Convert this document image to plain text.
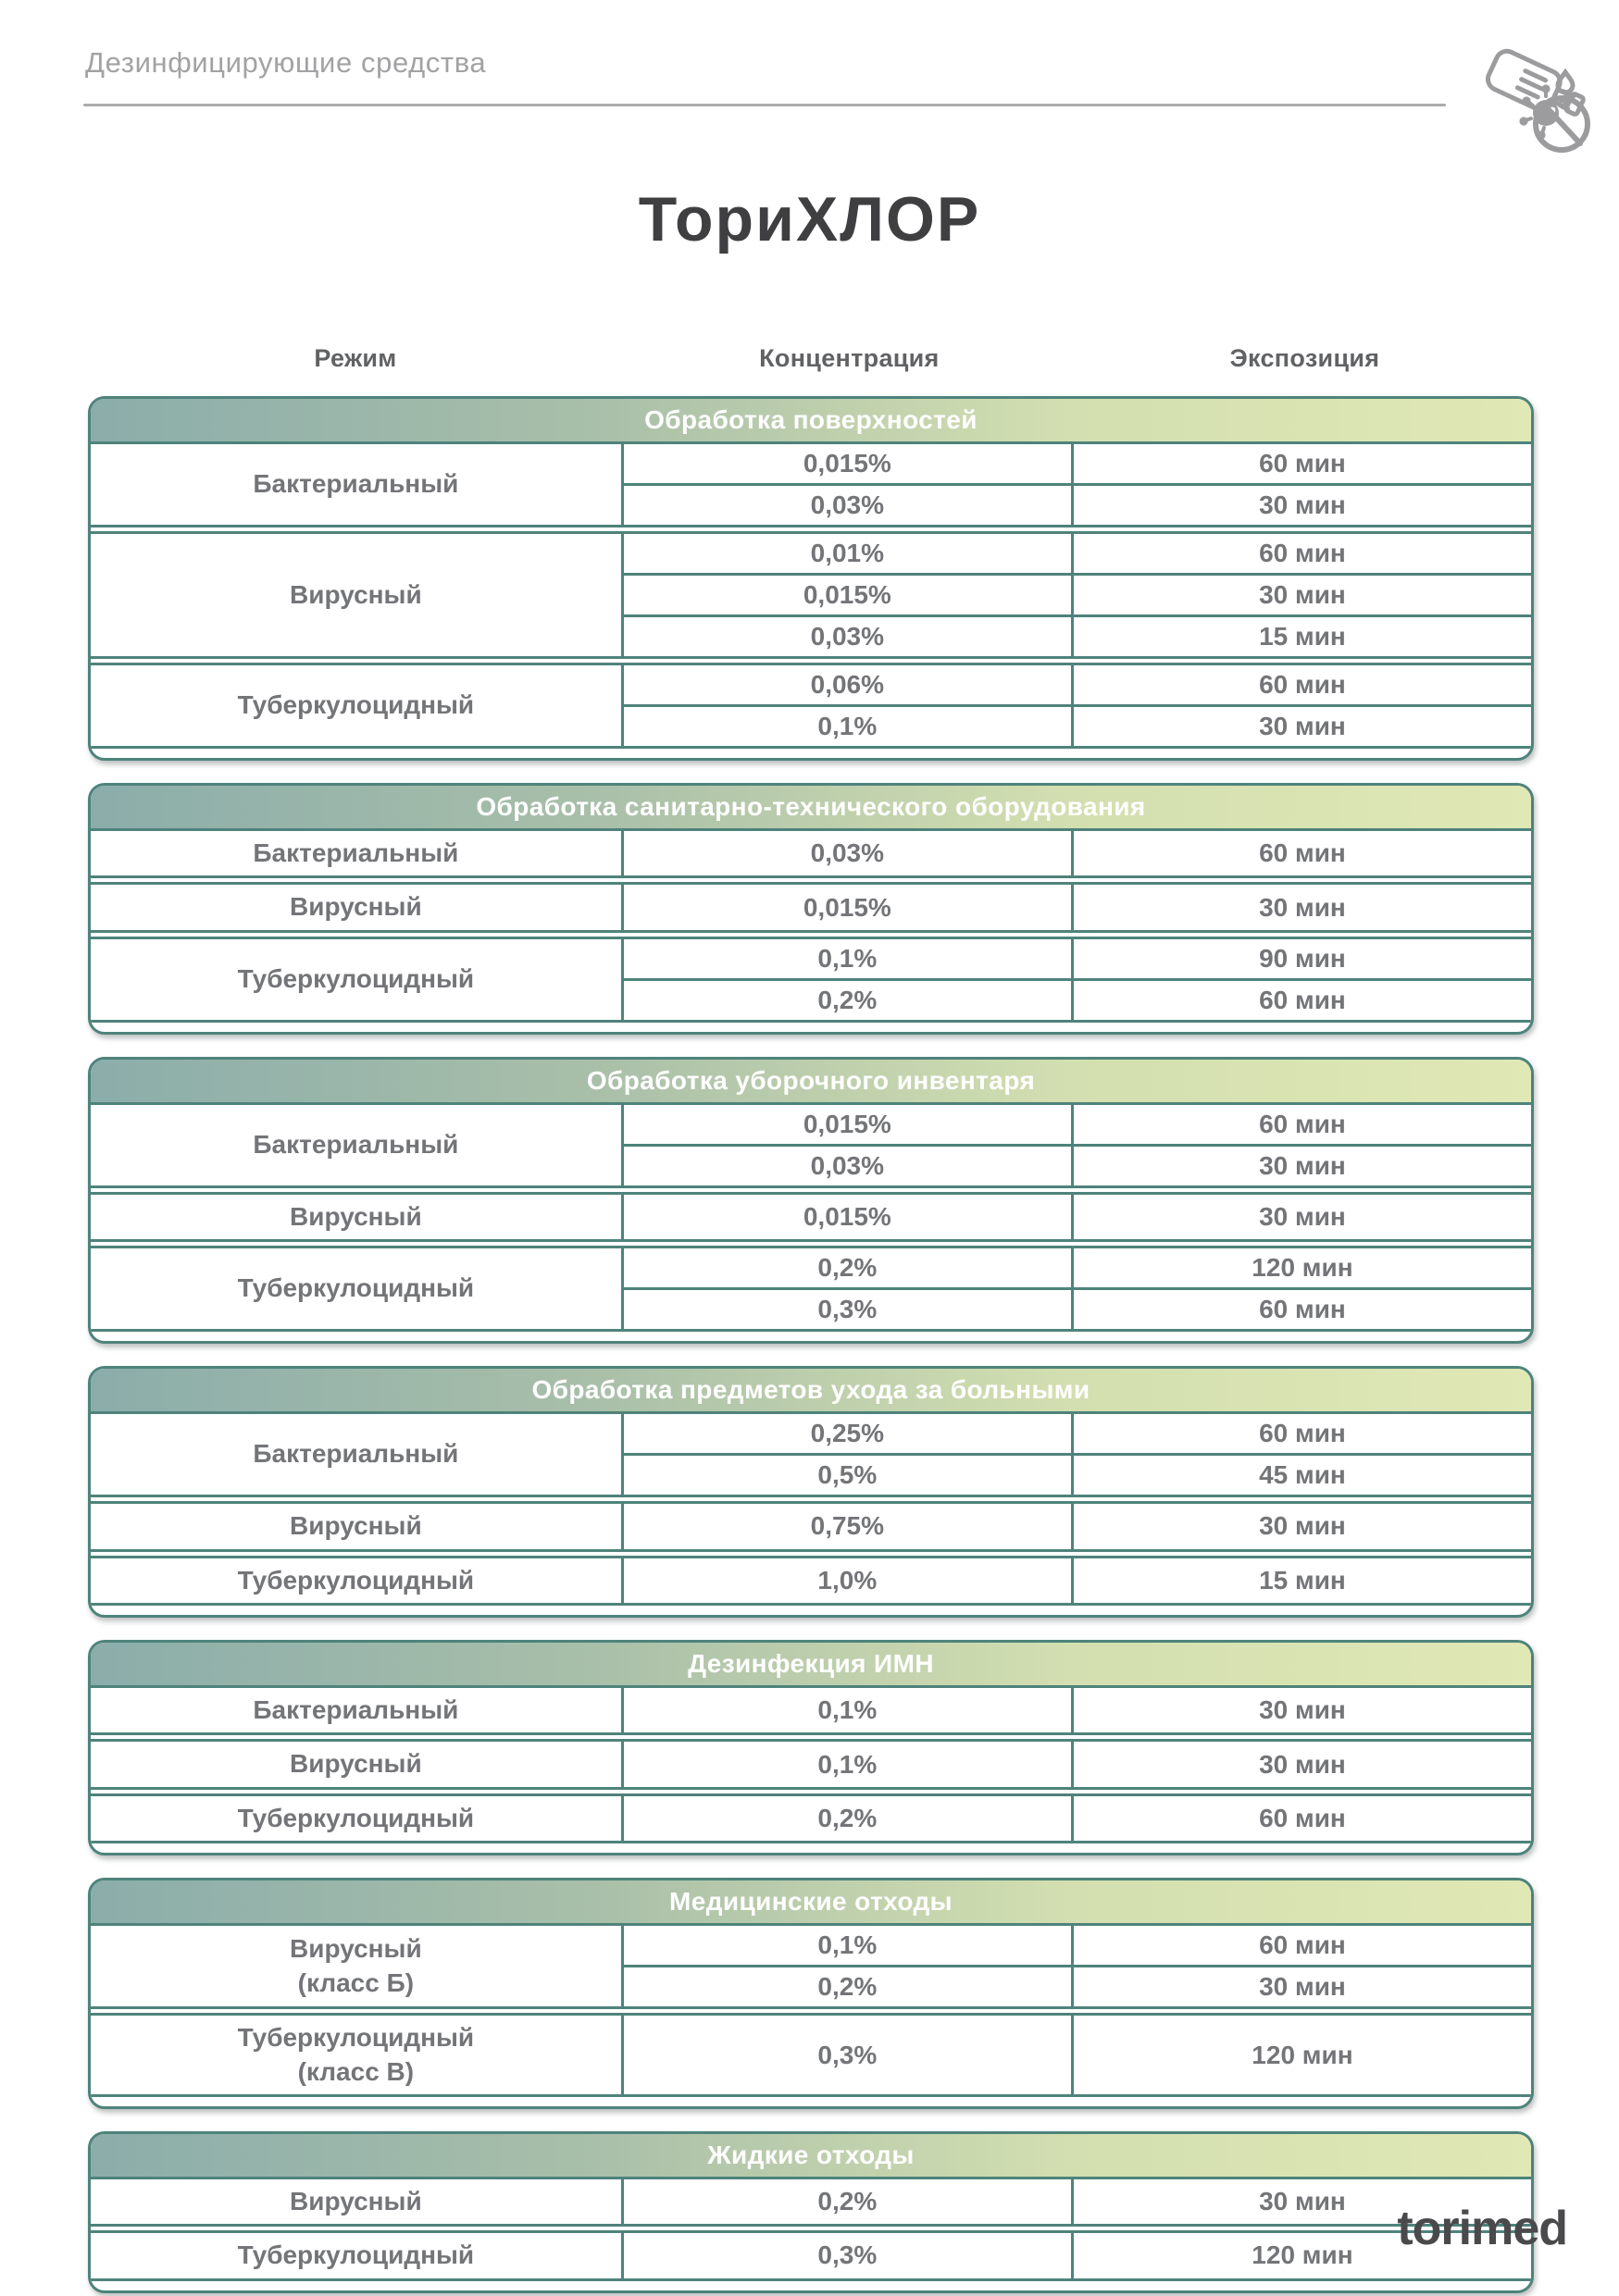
Дезинфицирующие средства
ТориХЛОР
Режим	Концентрация	Экспозиция
Обработка поверхностей
Бактериальный
0,015%	60 мин
0,03%	30 мин
Вирусный
0,01%	60 мин
0,015%	30 мин
0,03%	15 мин
Туберкулоцидный
0,06%	60 мин
0,1%	30 мин
Обработка санитарно-технического оборудования
Бактериальный	0,03%	60 мин
Вирусный	0,015%	30 мин
Туберкулоцидный
0,1%	90 мин
0,2%	60 мин
Обработка уборочного инвентаря
Бактериальный
0,015%	60 мин
0,03%	30 мин
Вирусный	0,015%	30 мин
Туберкулоцидный
0,2%	120 мин
0,3%	60 мин
Обработка предметов ухода за больными
Бактериальный
0,25%	60 мин
0,5%	45 мин
Вирусный	0,75%	30 мин
Туберкулоцидный	1,0%	15 мин
Дезинфекция ИМН
Бактериальный	0,1%	30 мин
Вирусный	0,1%	30 мин
Туберкулоцидный	0,2%	60 мин
Медицинские отходы
Вирусный
(класс Б)
0,1%	60 мин
0,2%	30 мин
Туберкулоцидный
(класс В)
0,3%	120 мин
Жидкие отходы
Вирусный	0,2%	30 мин
Туберкулоцидный	0,3%	120 мин torimed
